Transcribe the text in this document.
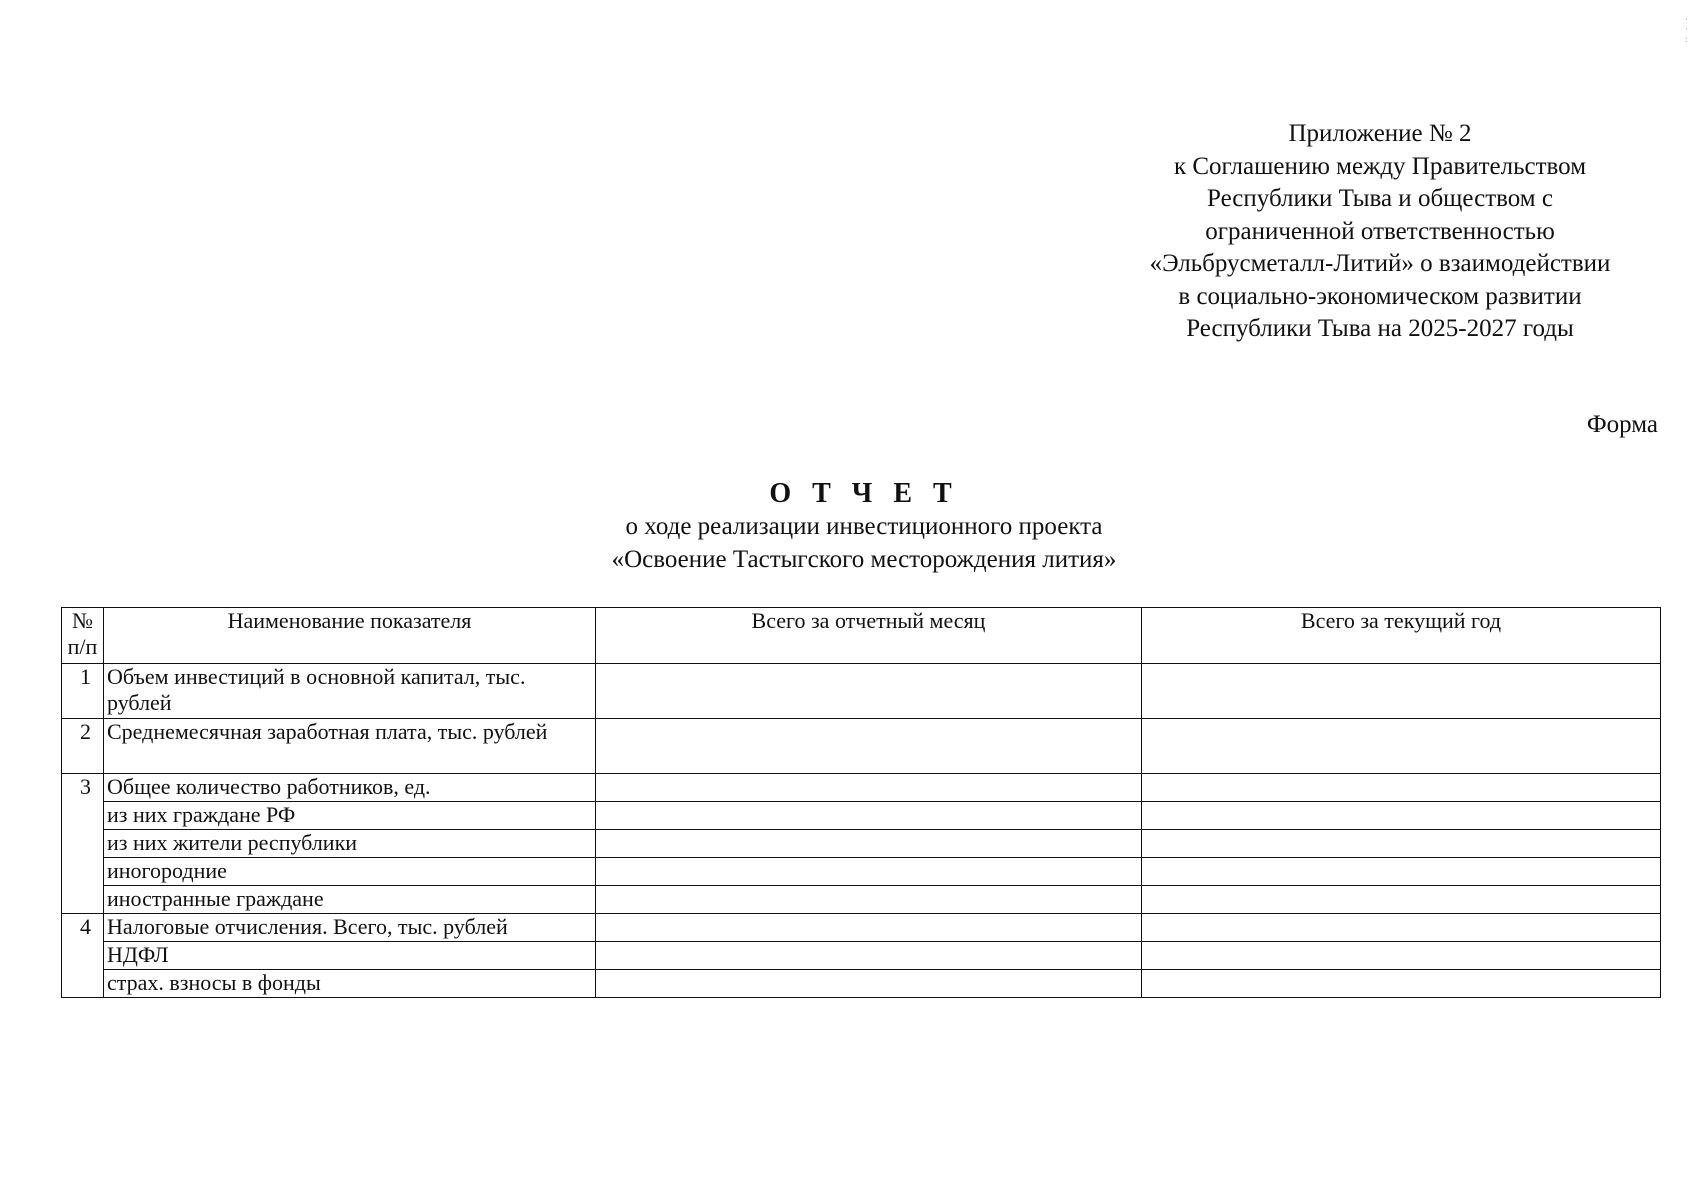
·
·
:
Приложение № 2
к Соглашению между Правительством
Республики Тыва и обществом с
ограниченной ответственностью
«Эльбрусметалл-Литий» о взаимодействии
в социально-экономическом развитии
Республики Тыва на 2025-2027 годы
Форма
О Т Ч Е Т
о ходе реализации инвестиционного проекта
«Освоение Тастыгского месторождения лития»
№ п/п	Наименование показателя	Всего за отчетный месяц	Всего за текущий год
1	Объем инвестиций в основной капитал, тыс. рублей		
2	Среднемесячная заработная плата, тыс. рублей		
3	Общее количество работников, ед.		
	из них граждане РФ		
	из них жители республики		
	иногородние		
	иностранные граждане		
4	Налоговые отчисления. Всего, тыс. рублей		
	НДФЛ		
	страх. взносы в фонды		
